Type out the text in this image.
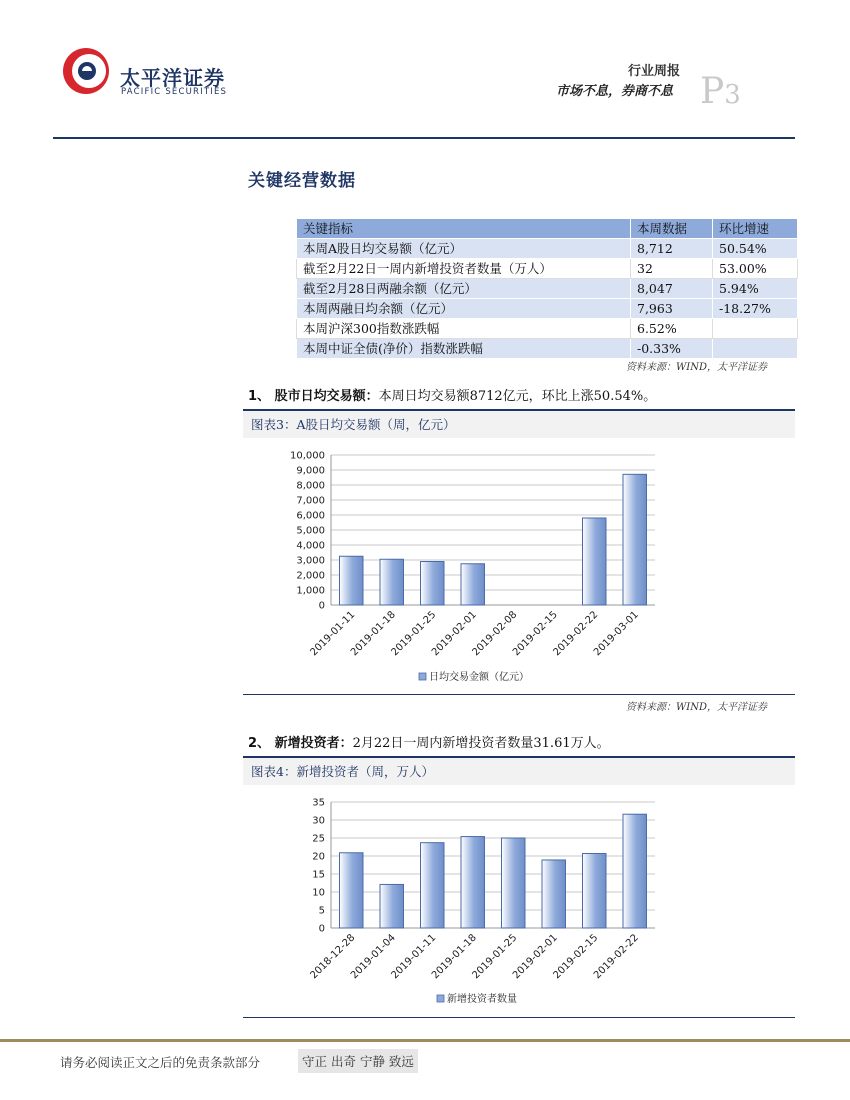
太平洋证券
PACIFIC SECURITIES
行业周报
市场不息，券商不息 P3
关键经营数据
关键指标	本周数据	环比增速
本周A股日均交易额（亿元）	8,712	50.54%
截至2月22日一周内新增投资者数量（万人）	32	53.00%
截至2月28日两融余额（亿元）	8,047	5.94%
本周两融日均余额（亿元）	7,963	-18.27%
本周沪深300指数涨跌幅	6.52%	
本周中证全债(净价）指数涨跌幅	-0.33%	
资料来源：WIND，太平洋证券
1、 股市日均交易额：本周日均交易额8712亿元，环比上涨50.54%。
图表3：A股日均交易额（周，亿元）
0
1,000
2,000
3,000
4,000
5,000
6,000
7,000
8,000
9,000
10,000
2019-01-11
2019-01-18
2019-01-25
2019-02-01
2019-02-08
2019-02-15
2019-02-22
2019-03-01
日均交易金额（亿元）
资料来源：WIND，太平洋证券
2、 新增投资者：2月22日一周内新增投资者数量31.61万人。
图表4：新增投资者（周，万人）
0
5
10
15
20
25
30
35
2018-12-28
2019-01-04
2019-01-11
2019-01-18
2019-01-25
2019-02-01
2019-02-15
2019-02-22
新增投资者数量
请务必阅读正文之后的免责条款部分	守正 出奇 宁静 致远
